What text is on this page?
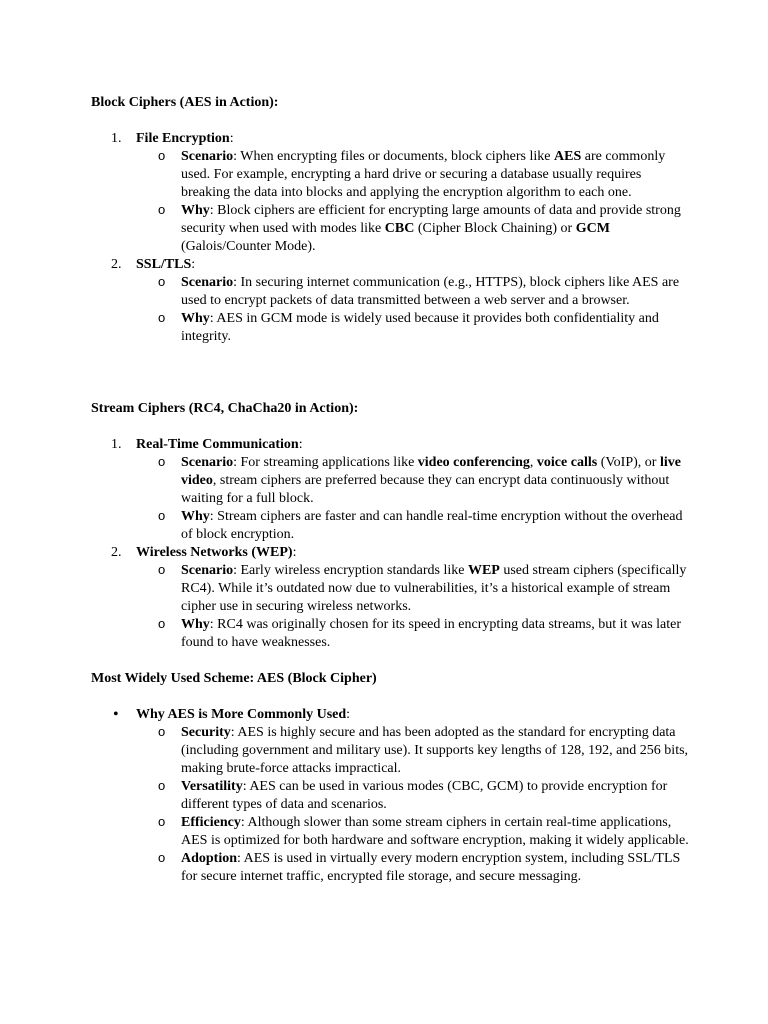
Block Ciphers (AES in Action):

1. File Encryption:
o Scenario: When encrypting files or documents, block ciphers like AES are commonly used. For example, encrypting a hard drive or securing a database usually requires breaking the data into blocks and applying the encryption algorithm to each one.
o Why: Block ciphers are efficient for encrypting large amounts of data and provide strong security when used with modes like CBC (Cipher Block Chaining) or GCM (Galois/Counter Mode).
2. SSL/TLS:
o Scenario: In securing internet communication (e.g., HTTPS), block ciphers like AES are used to encrypt packets of data transmitted between a web server and a browser.
o Why: AES in GCM mode is widely used because it provides both confidentiality and integrity.

Stream Ciphers (RC4, ChaCha20 in Action):

1. Real-Time Communication:
o Scenario: For streaming applications like video conferencing, voice calls (VoIP), or live video, stream ciphers are preferred because they can encrypt data continuously without waiting for a full block.
o Why: Stream ciphers are faster and can handle real-time encryption without the overhead of block encryption.
2. Wireless Networks (WEP):
o Scenario: Early wireless encryption standards like WEP used stream ciphers (specifically RC4). While it’s outdated now due to vulnerabilities, it’s a historical example of stream cipher use in securing wireless networks.
o Why: RC4 was originally chosen for its speed in encrypting data streams, but it was later found to have weaknesses.

Most Widely Used Scheme: AES (Block Cipher)

• Why AES is More Commonly Used:
o Security: AES is highly secure and has been adopted as the standard for encrypting data (including government and military use). It supports key lengths of 128, 192, and 256 bits, making brute-force attacks impractical.
o Versatility: AES can be used in various modes (CBC, GCM) to provide encryption for different types of data and scenarios.
o Efficiency: Although slower than some stream ciphers in certain real-time applications, AES is optimized for both hardware and software encryption, making it widely applicable.
o Adoption: AES is used in virtually every modern encryption system, including SSL/TLS for secure internet traffic, encrypted file storage, and secure messaging.
